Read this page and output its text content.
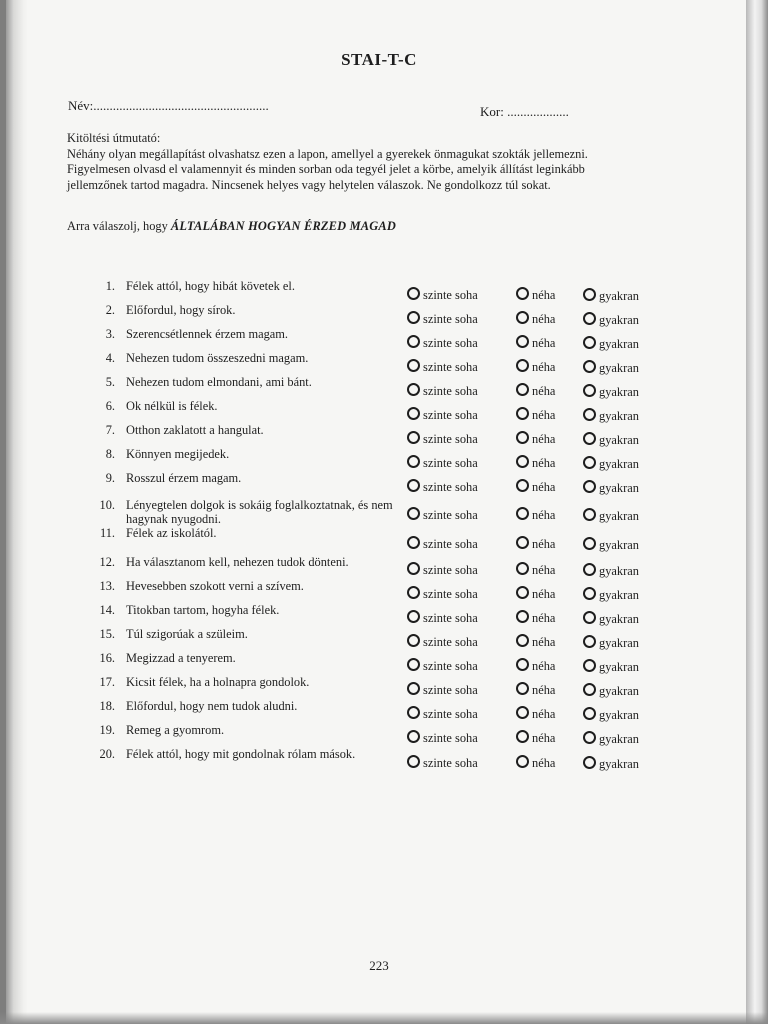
STAI-T-C
Név:......................................................	Kor: ...................
Kitöltési útmutató:
Néhány olyan megállapítást olvashatsz ezen a lapon, amellyel a gyerekek önmagukat szokták jellemezni.
Figyelmesen olvasd el valamennyit és minden sorban oda tegyél jelet a körbe, amelyik állítást leginkább
jellemzőnek tartod magadra. Nincsenek helyes vagy helytelen válaszok. Ne gondolkozz túl sokat.
Arra válaszolj, hogy ÁLTALÁBAN HOGYAN ÉRZED MAGAD
1. Félek attól, hogy hibát követek el.
szinte soha	néha	gyakran
2. Előfordul, hogy sírok.
szinte soha	néha	gyakran
3. Szerencsétlennek érzem magam.
szinte soha	néha	gyakran
4. Nehezen tudom összeszedni magam.
szinte soha	néha	gyakran
5. Nehezen tudom elmondani, ami bánt.
szinte soha	néha	gyakran
6. Ok nélkül is félek.
szinte soha	néha	gyakran
7. Otthon zaklatott a hangulat.
szinte soha	néha	gyakran
8. Könnyen megijedek.
szinte soha	néha	gyakran
9. Rosszul érzem magam.
szinte soha	néha	gyakran
10. Lényegtelen dolgok is sokáig foglalkoztatnak, és nem hagynak nyugodni.	szinte soha	néha	gyakran
11. Félek az iskolától.
szinte soha	néha	gyakran
12. Ha választanom kell, nehezen tudok dönteni.
szinte soha	néha	gyakran
13. Hevesebben szokott verni a szívem.
szinte soha	néha	gyakran
14. Titokban tartom, hogyha félek.
szinte soha	néha	gyakran
15. Túl szigorúak a szüleim.
szinte soha	néha	gyakran
16. Megizzad a tenyerem.
szinte soha	néha	gyakran
17. Kicsit félek, ha a holnapra gondolok.
szinte soha	néha	gyakran
18. Előfordul, hogy nem tudok aludni.
szinte soha	néha	gyakran
19. Remeg a gyomrom.
szinte soha	néha	gyakran
20. Félek attól, hogy mit gondolnak rólam mások.
szinte soha	néha	gyakran
223
